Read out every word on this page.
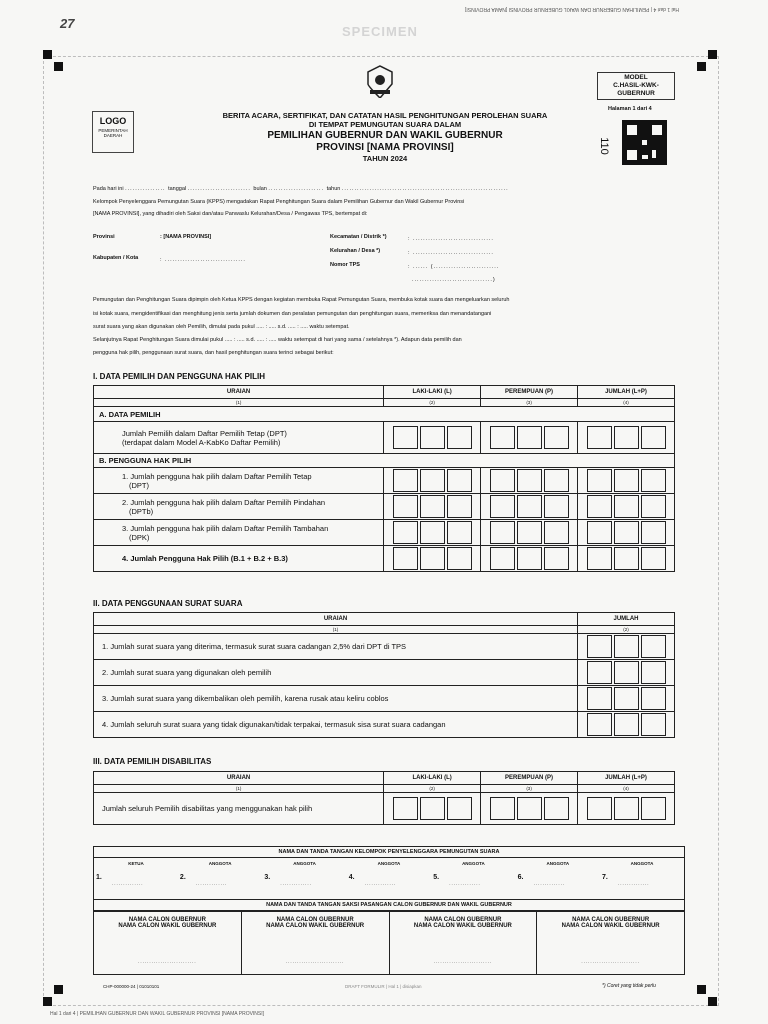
Hal 1 dari 4 | PEMILIHAN GUBERNUR DAN WAKIL GUBERNUR PROVINSI [NAMA PROVINSI]
SPECIMEN
27
MODEL
C.HASIL-KWK-
GUBERNUR
Halaman 1 dari 4
110
LOGO
PEMERINTAH
DAERAH
BERITA ACARA, SERTIFIKAT, DAN CATATAN HASIL PENGHITUNGAN PEROLEHAN SUARA
DI TEMPAT PEMUNGUTAN SUARA DALAM
PEMILIHAN GUBERNUR DAN WAKIL GUBERNUR
PROVINSI [NAMA PROVINSI]
TAHUN 2024
Pada hari ini ................ tanggal ......................... bulan ...................... tahun ..................................................................
Kelompok Penyelenggara Pemungutan Suara (KPPS) mengadakan Rapat Penghitungan Suara dalam Pemilihan Gubernur dan Wakil Gubernur Provinsi
[NAMA PROVINSI], yang dihadiri oleh Saksi dan/atau Panwaslu Kelurahan/Desa / Pengawas TPS, bertempat di:
Provinsi	: [NAMA PROVINSI]
Kabupaten / Kota	: ................................
Kecamatan / Distrik *)	: ................................
Kelurahan / Desa *)	: ................................
Nomor TPS	: ...... (..........................
................................)
Pemungutan dan Penghitungan Suara dipimpin oleh Ketua KPPS dengan kegiatan membuka Rapat Pemungutan Suara, membuka kotak suara dan mengeluarkan seluruh
isi kotak suara, mengidentifikasi dan menghitung jenis serta jumlah dokumen dan peralatan pemungutan dan penghitungan suara, memeriksa dan menandatangani
surat suara yang akan digunakan oleh Pemilih, dimulai pada pukul ..... : ..... s.d. ..... : ..... waktu setempat.
Selanjutnya Rapat Penghitungan Suara dimulai pukul ..... : ..... s.d. ..... : ..... waktu setempat di hari yang sama / setelahnya *). Adapun data pemilih dan
pengguna hak pilih, penggunaan surat suara, dan hasil penghitungan suara terinci sebagai berikut:
I. DATA PEMILIH DAN PENGGUNA HAK PILIH
URAIAN	LAKI-LAKI (L)	PEREMPUAN (P)	JUMLAH (L+P)
(1)	(2)	(3)	(4)
A. DATA PEMILIH			

Jumlah Pemilih dalam Daftar Pemilih Tetap (DPT)
(terdapat dalam Model A-KabKo Daftar Pemilih)			

B. PENGGUNA HAK PILIH			

1. Jumlah pengguna hak pilih dalam Daftar Pemilih Tetap
(DPT)			

2. Jumlah pengguna hak pilih dalam Daftar Pemilih Pindahan
(DPTb)			

3. Jumlah pengguna hak pilih dalam Daftar Pemilih Tambahan
(DPK)			

4. Jumlah Pengguna Hak Pilih (B.1 + B.2 + B.3)			

II. DATA PENGGUNAAN SURAT SUARA
URAIAN	JUMLAH
(1)	(2)
1. Jumlah surat suara yang diterima, termasuk surat suara cadangan 2,5% dari DPT di TPS	

2. Jumlah surat suara yang digunakan oleh pemilih	

3. Jumlah surat suara yang dikembalikan oleh pemilih, karena rusak atau keliru coblos	

4. Jumlah seluruh surat suara yang tidak digunakan/tidak terpakai, termasuk sisa surat suara cadangan	
III. DATA PEMILIH DISABILITAS
URAIAN	LAKI-LAKI (L)	PEREMPUAN (P)	JUMLAH (L+P)
(1)	(2)	(3)	(4)
Jumlah seluruh Pemilih disabilitas yang menggunakan hak pilih	

NAMA DAN TANDA TANGAN KELOMPOK PENYELENGGARA PEMUNGUTAN SUARA

KETUA
1.
..............

ANGGOTA
2.
..............

ANGGOTA
3.
..............

ANGGOTA
4.
..............

ANGGOTA
5.
..............

ANGGOTA
6.
..............

ANGGOTA
7.
..............

NAMA DAN TANDA TANGAN SAKSI PASANGAN CALON GUBERNUR DAN WAKIL GUBERNUR
NAMA CALON GUBERNUR
NAMA CALON WAKIL GUBERNUR
..........................

NAMA CALON GUBERNUR
NAMA CALON WAKIL GUBERNUR
..........................

NAMA CALON GUBERNUR
NAMA CALON WAKIL GUBERNUR
..........................

NAMA CALON GUBERNUR
NAMA CALON WAKIL GUBERNUR
..........................
CHP-000000-24 | 01010101	DRAFT FORMULIR | Hal 1 | disiapkan	*) Coret yang tidak perlu
Hal 1 dari 4 | PEMILIHAN GUBERNUR DAN WAKIL GUBERNUR PROVINSI [NAMA PROVINSI]
